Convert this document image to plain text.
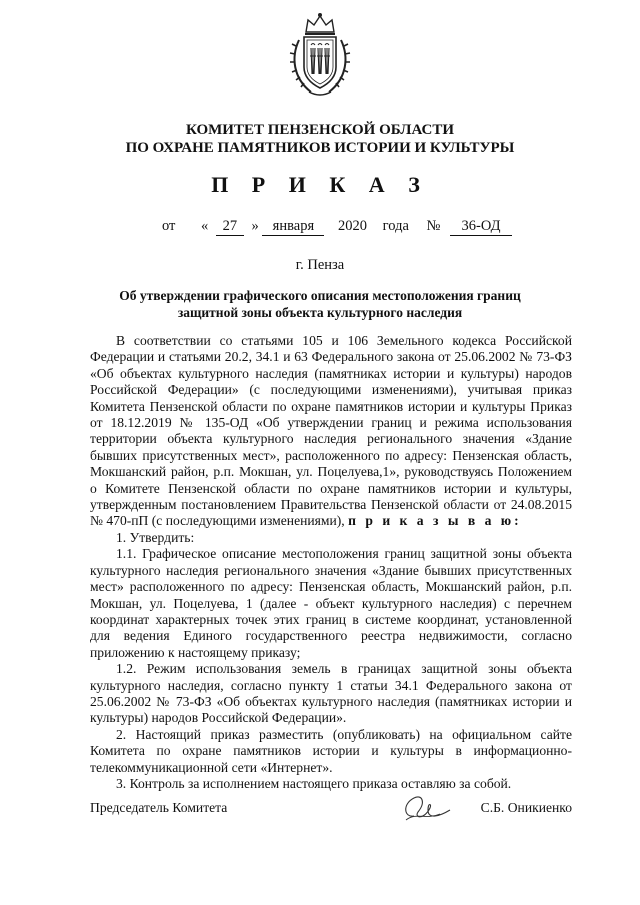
КОМИТЕТ ПЕНЗЕНСКОЙ ОБЛАСТИ
ПО ОХРАНЕ ПАМЯТНИКОВ ИСТОРИИ И КУЛЬТУРЫ
П Р И К А З
от « 27 » января 2020 года № 36-ОД
г. Пенза
Об утверждении графического описания местоположения границ
защитной зоны объекта культурного наследия

В соответствии со статьями 105 и 106 Земельного кодекса Российской Федерации и статьями 20.2, 34.1 и 63 Федерального закона от 25.06.2002 № 73-ФЗ «Об объектах культурного наследия (памятниках истории и культуры) народов Российской Федерации» (с последующими изменениями), учитывая приказ Комитета Пензенской области по охране памятников истории и культуры Приказ от 18.12.2019 № 135-ОД «Об утверждении границ и режима использования территории объекта культурного наследия регионального значения «Здание бывших присутственных мест», расположенного по адресу: Пензенская область, Мокшанский район, р.п. Мокшан, ул. Поцелуева,1», руководствуясь Положением о Комитете Пензенской области по охране памятников истории и культуры, утвержденным постановлением Правительства Пензенской области от 24.08.2015 № 470-пП (с последующими изменениями), п р и к а з ы в а ю:

1. Утвердить:

1.1. Графическое описание местоположения границ защитной зоны объекта культурного наследия регионального значения «Здание бывших присутственных мест» расположенного по адресу: Пензенская область, Мокшанский район, р.п. Мокшан, ул. Поцелуева, 1 (далее - объект культурного наследия) с перечнем координат характерных точек этих границ в системе координат, установленной для ведения Единого государственного реестра недвижимости, согласно приложению к настоящему приказу;

1.2. Режим использования земель в границах защитной зоны объекта культурного наследия, согласно пункту 1 статьи 34.1 Федерального закона от 25.06.2002 № 73-ФЗ «Об объектах культурного наследия (памятниках истории и культуры) народов Российской Федерации».

2. Настоящий приказ разместить (опубликовать) на официальном сайте Комитета по охране памятников истории и культуры в информационно-телекоммуникационной сети «Интернет».

3. Контроль за исполнением настоящего приказа оставляю за собой.

Председатель Комитета	С.Б. Оникиенко
